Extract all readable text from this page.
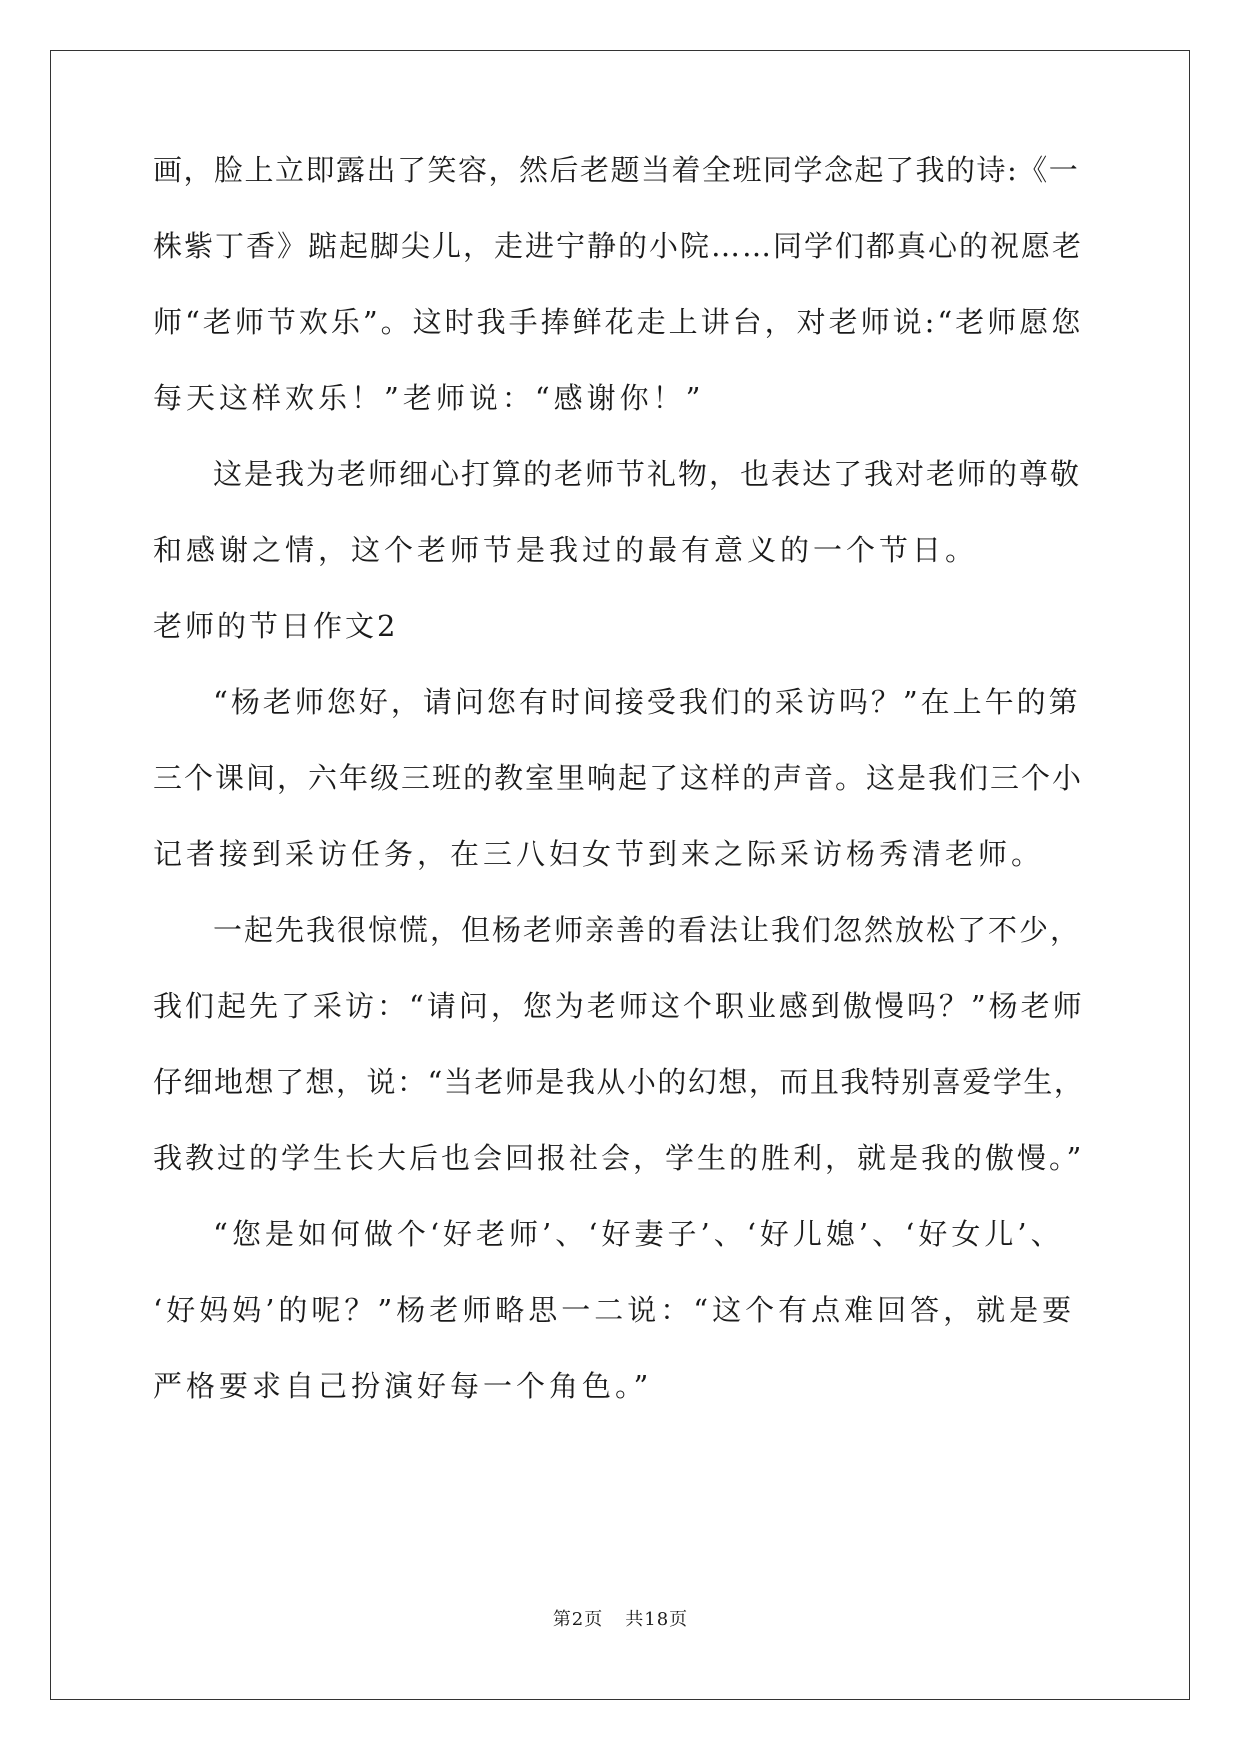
画，脸上立即露出了笑容，然后老题当着全班同学念起了我的诗:《一
株紫丁香》踮起脚尖儿，走进宁静的小院……同学们都真心的祝愿老
师“老师节欢乐”。这时我手捧鲜花走上讲台，对老师说:“老师愿您
每天这样欢乐！”老师说：“感谢你！”
这是我为老师细心打算的老师节礼物，也表达了我对老师的尊敬
和感谢之情，这个老师节是我过的最有意义的一个节日。
老师的节日作文2
“杨老师您好，请问您有时间接受我们的采访吗？”在上午的第
三个课间，六年级三班的教室里响起了这样的声音。这是我们三个小
记者接到采访任务，在三八妇女节到来之际采访杨秀清老师。
一起先我很惊慌，但杨老师亲善的看法让我们忽然放松了不少，
我们起先了采访：“请问，您为老师这个职业感到傲慢吗？”杨老师
仔细地想了想，说：“当老师是我从小的幻想，而且我特别喜爱学生，
我教过的学生长大后也会回报社会，学生的胜利，就是我的傲慢。”
“您是如何做个‘好老师’、‘好妻子’、‘好儿媳’、‘好女儿’、
‘好妈妈’的呢？”杨老师略思一二说：“这个有点难回答，就是要
严格要求自己扮演好每一个角色。”
第2页 共18页
